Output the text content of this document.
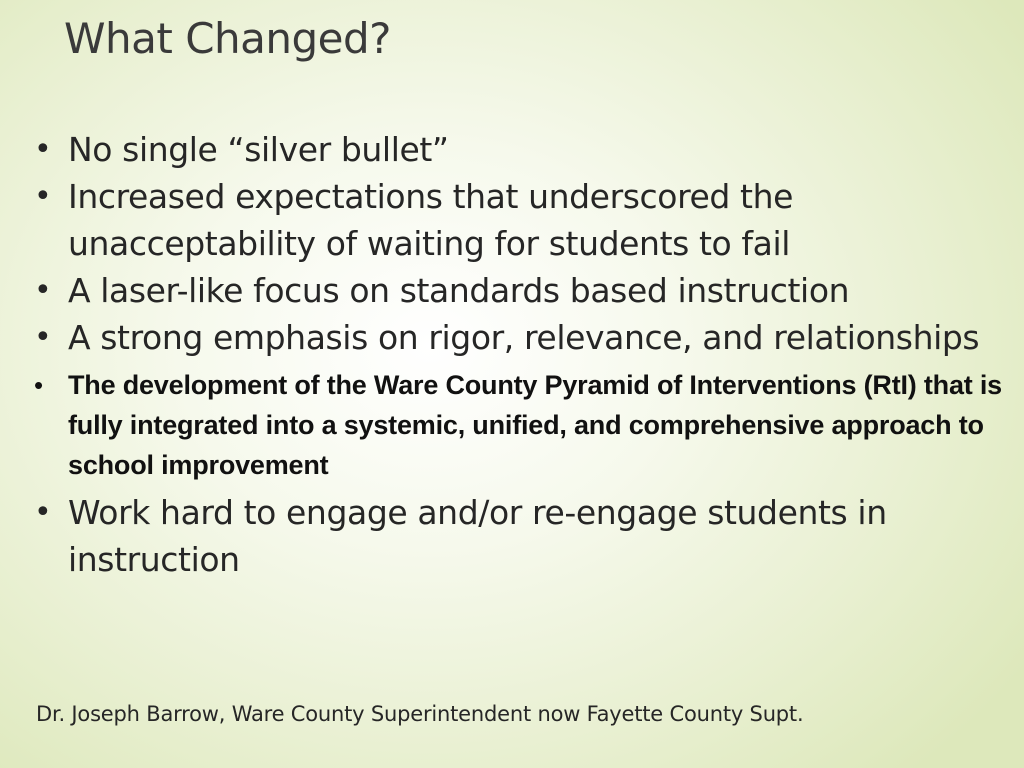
What Changed?
• No single “silver bullet”
• Increased expectations that underscored the unacceptability of waiting for students to fail
• A laser-like focus on standards based instruction
• A strong emphasis on rigor, relevance, and relationships
• The development of the Ware County Pyramid of Interventions (RtI) that is fully integrated into a systemic, unified, and comprehensive approach to school improvement
• Work hard to engage and/or re-engage students in instruction

Dr. Joseph Barrow, Ware County Superintendent now Fayette County Supt.
